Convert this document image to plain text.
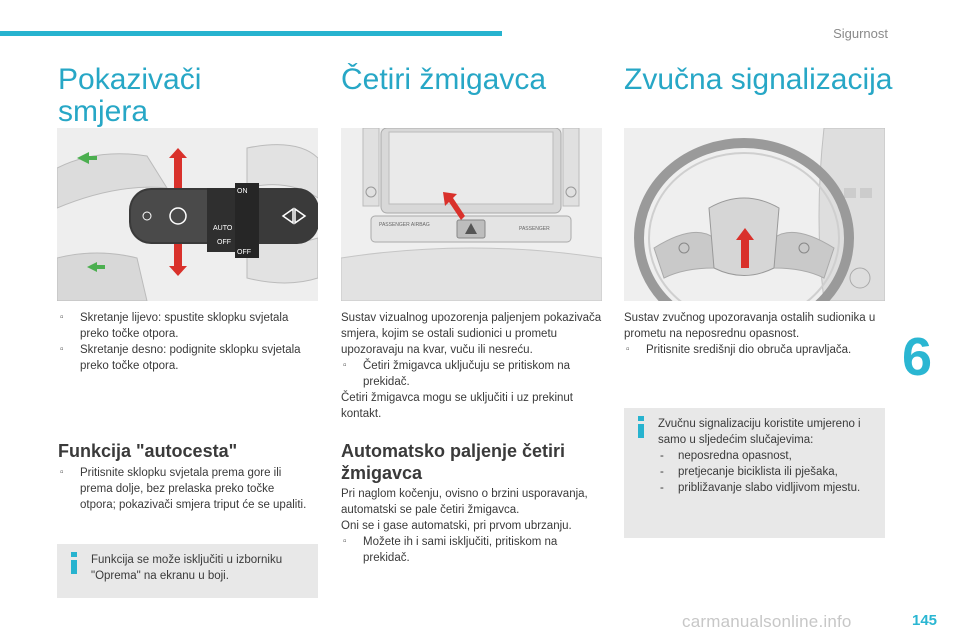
Sigurnost
6
145
carmanualsonline.info
Pokazivači
smjera
AUTO
OFF
ON
OFF

▫ Skretanje lijevo: spustite sklopku svjetala preko točke otpora.

▫ Skretanje desno: podignite sklopku svjetala preko točke otpora.

Funkcija "autocesta"

▫ Pritisnite sklopku svjetala prema gore ili prema dolje, bez prelaska preko točke otpora; pokazivači smjera triput će se upaliti.

Funkcija se može isključiti u izborniku "Oprema" na ekranu u boji.
Četiri žmigavca
PASSENGER AIRBAG
PASSENGER

Sustav vizualnog upozorenja paljenjem pokazivača smjera, kojim se ostali sudionici u prometu upozoravaju na kvar, vuču ili nesreću.

▫ Četiri žmigavca uključuju se pritiskom na prekidač.

Četiri žmigavca mogu se uključiti i uz prekinut kontakt.

Automatsko paljenje četiri
žmigavca

Pri naglom kočenju, ovisno o brzini usporavanja, automatski se pale četiri žmigavca.

Oni se i gase automatski, pri prvom ubrzanju.

▫ Možete ih i sami isključiti, pritiskom na prekidač.

Zvučna signalizacija

Sustav zvučnog upozoravanja ostalih sudionika u prometu na neposrednu opasnost.

▫ Pritisnite središnji dio obruča upravljača.

Zvučnu signalizaciju koristite umjereno i samo u sljedećim slučajevima:
- neposredna opasnost,
- pretjecanje biciklista ili pješaka,
- približavanje slabo vidljivom mjestu.
